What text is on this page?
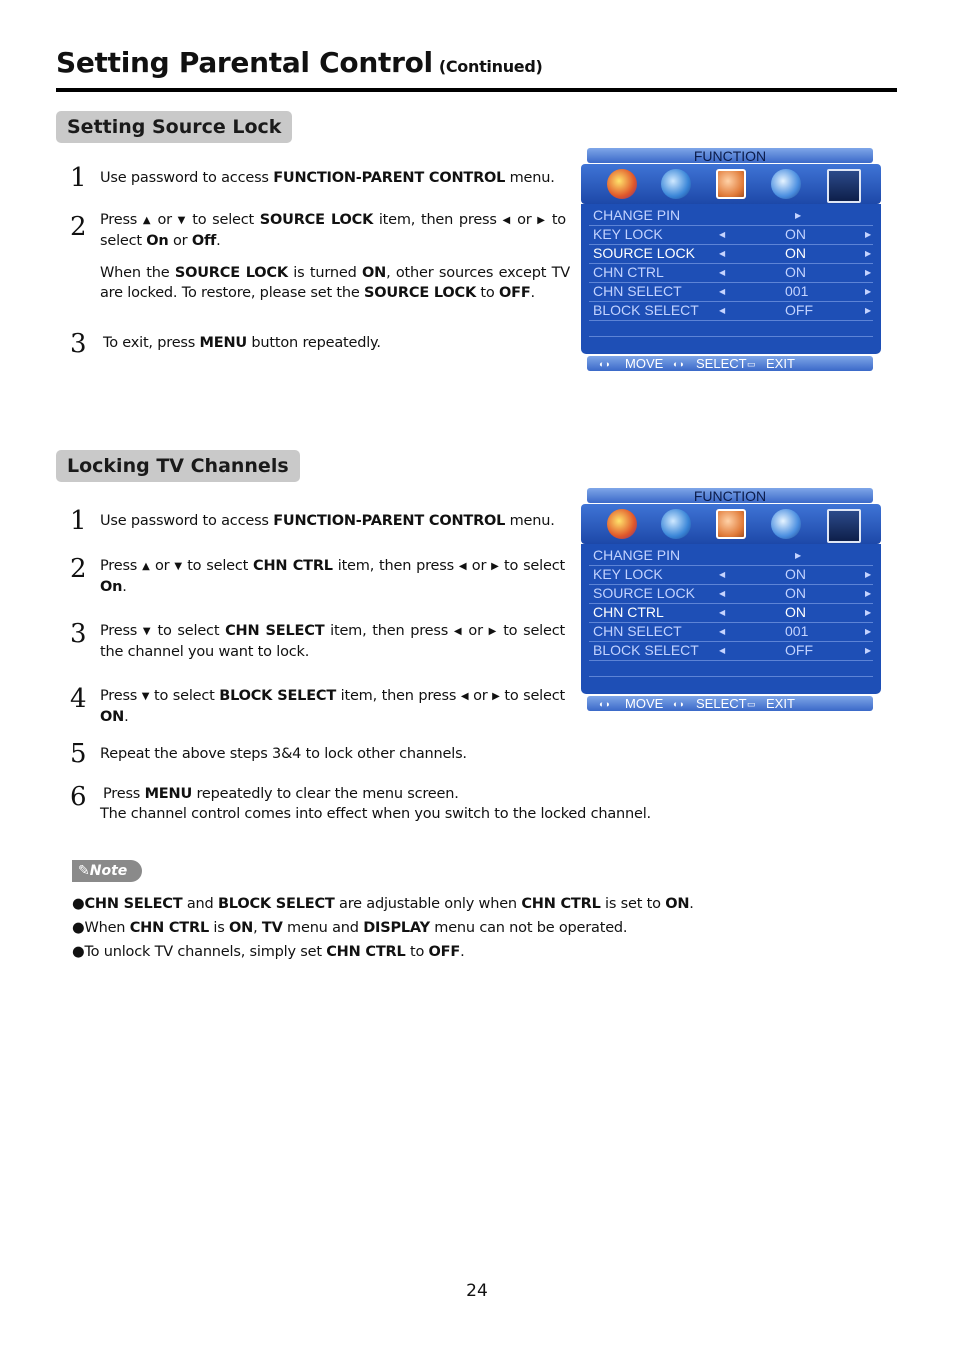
Setting Parental Control (Continued)
Setting Source Lock
1 Use password to access FUNCTION-PARENT CONTROL menu.
2 Press ▲ or ▼ to select SOURCE LOCK item, then press ◀ or ▶ to select On or Off.
When the SOURCE LOCK is turned ON, other sources except TV are locked. To restore, please set the SOURCE LOCK to OFF.
3 To exit, press MENU button repeatedly.
FUNCTION
CHANGE PIN	▶
KEY LOCK	◀	ON	▶
SOURCE LOCK	◀	ON	▶
CHN CTRL	◀	ON	▶
CHN SELECT	◀	001	▶
BLOCK SELECT	◀	OFF	▶
◐◑ MOVE ◐◑ SELECT ▭ EXIT
Locking TV Channels
1 Use password to access FUNCTION-PARENT CONTROL menu.
2 Press ▲ or ▼ to select CHN CTRL item, then press ◀ or ▶ to select On.
3 Press ▼ to select CHN SELECT item, then press ◀ or ▶ to select the channel you want to lock.
4 Press ▼ to select BLOCK SELECT item, then press ◀ or ▶ to select ON.
5 Repeat the above steps 3&4 to lock other channels.
6 Press MENU repeatedly to clear the menu screen.
The channel control comes into effect when you switch to the locked channel.
FUNCTION
CHANGE PIN	▶
KEY LOCK	◀	ON	▶
SOURCE LOCK	◀	ON	▶
CHN CTRL	◀	ON	▶
CHN SELECT	◀	001	▶
BLOCK SELECT	◀	OFF	▶
◐◑ MOVE ◐◑ SELECT ▭ EXIT
✎Note
●CHN SELECT and BLOCK SELECT are adjustable only when CHN CTRL is set to ON.
●When CHN CTRL is ON, TV menu and DISPLAY menu can not be operated.
●To unlock TV channels, simply set CHN CTRL to OFF.
24
